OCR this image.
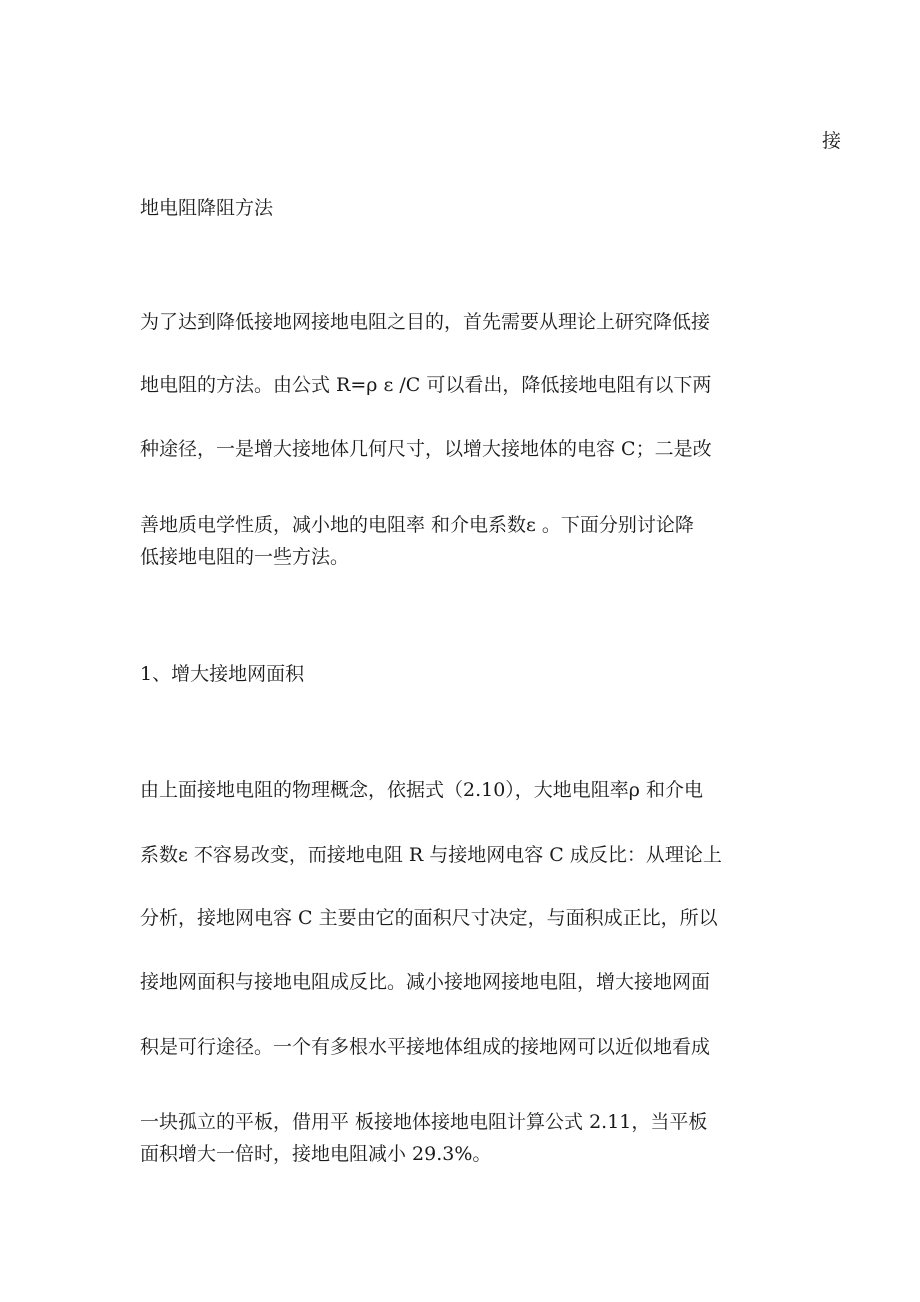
接

地电阻降阻方法

为了达到降低接地网接地电阻之目的，首先需要从理论上研究降低接

地电阻的方法。由公式 R=ρ ε /C 可以看出，降低接地电阻有以下两

种途径，一是增大接地体几何尺寸，以增大接地体的电容 C；二是改

善地质电学性质，减小地的电阻率 和介电系数ε 。下面分别讨论降

低接地电阻的一些方法。

1、增大接地网面积

由上面接地电阻的物理概念，依据式（2.10），大地电阻率ρ 和介电

系数ε 不容易改变，而接地电阻 R 与接地网电容 C 成反比：从理论上

分析，接地网电容 C 主要由它的面积尺寸决定，与面积成正比，所以

接地网面积与接地电阻成反比。减小接地网接地电阻，增大接地网面

积是可行途径。一个有多根水平接地体组成的接地网可以近似地看成

一块孤立的平板，借用平 板接地体接地电阻计算公式 2.11，当平板

面积增大一倍时，接地电阻减小 29.3%。
